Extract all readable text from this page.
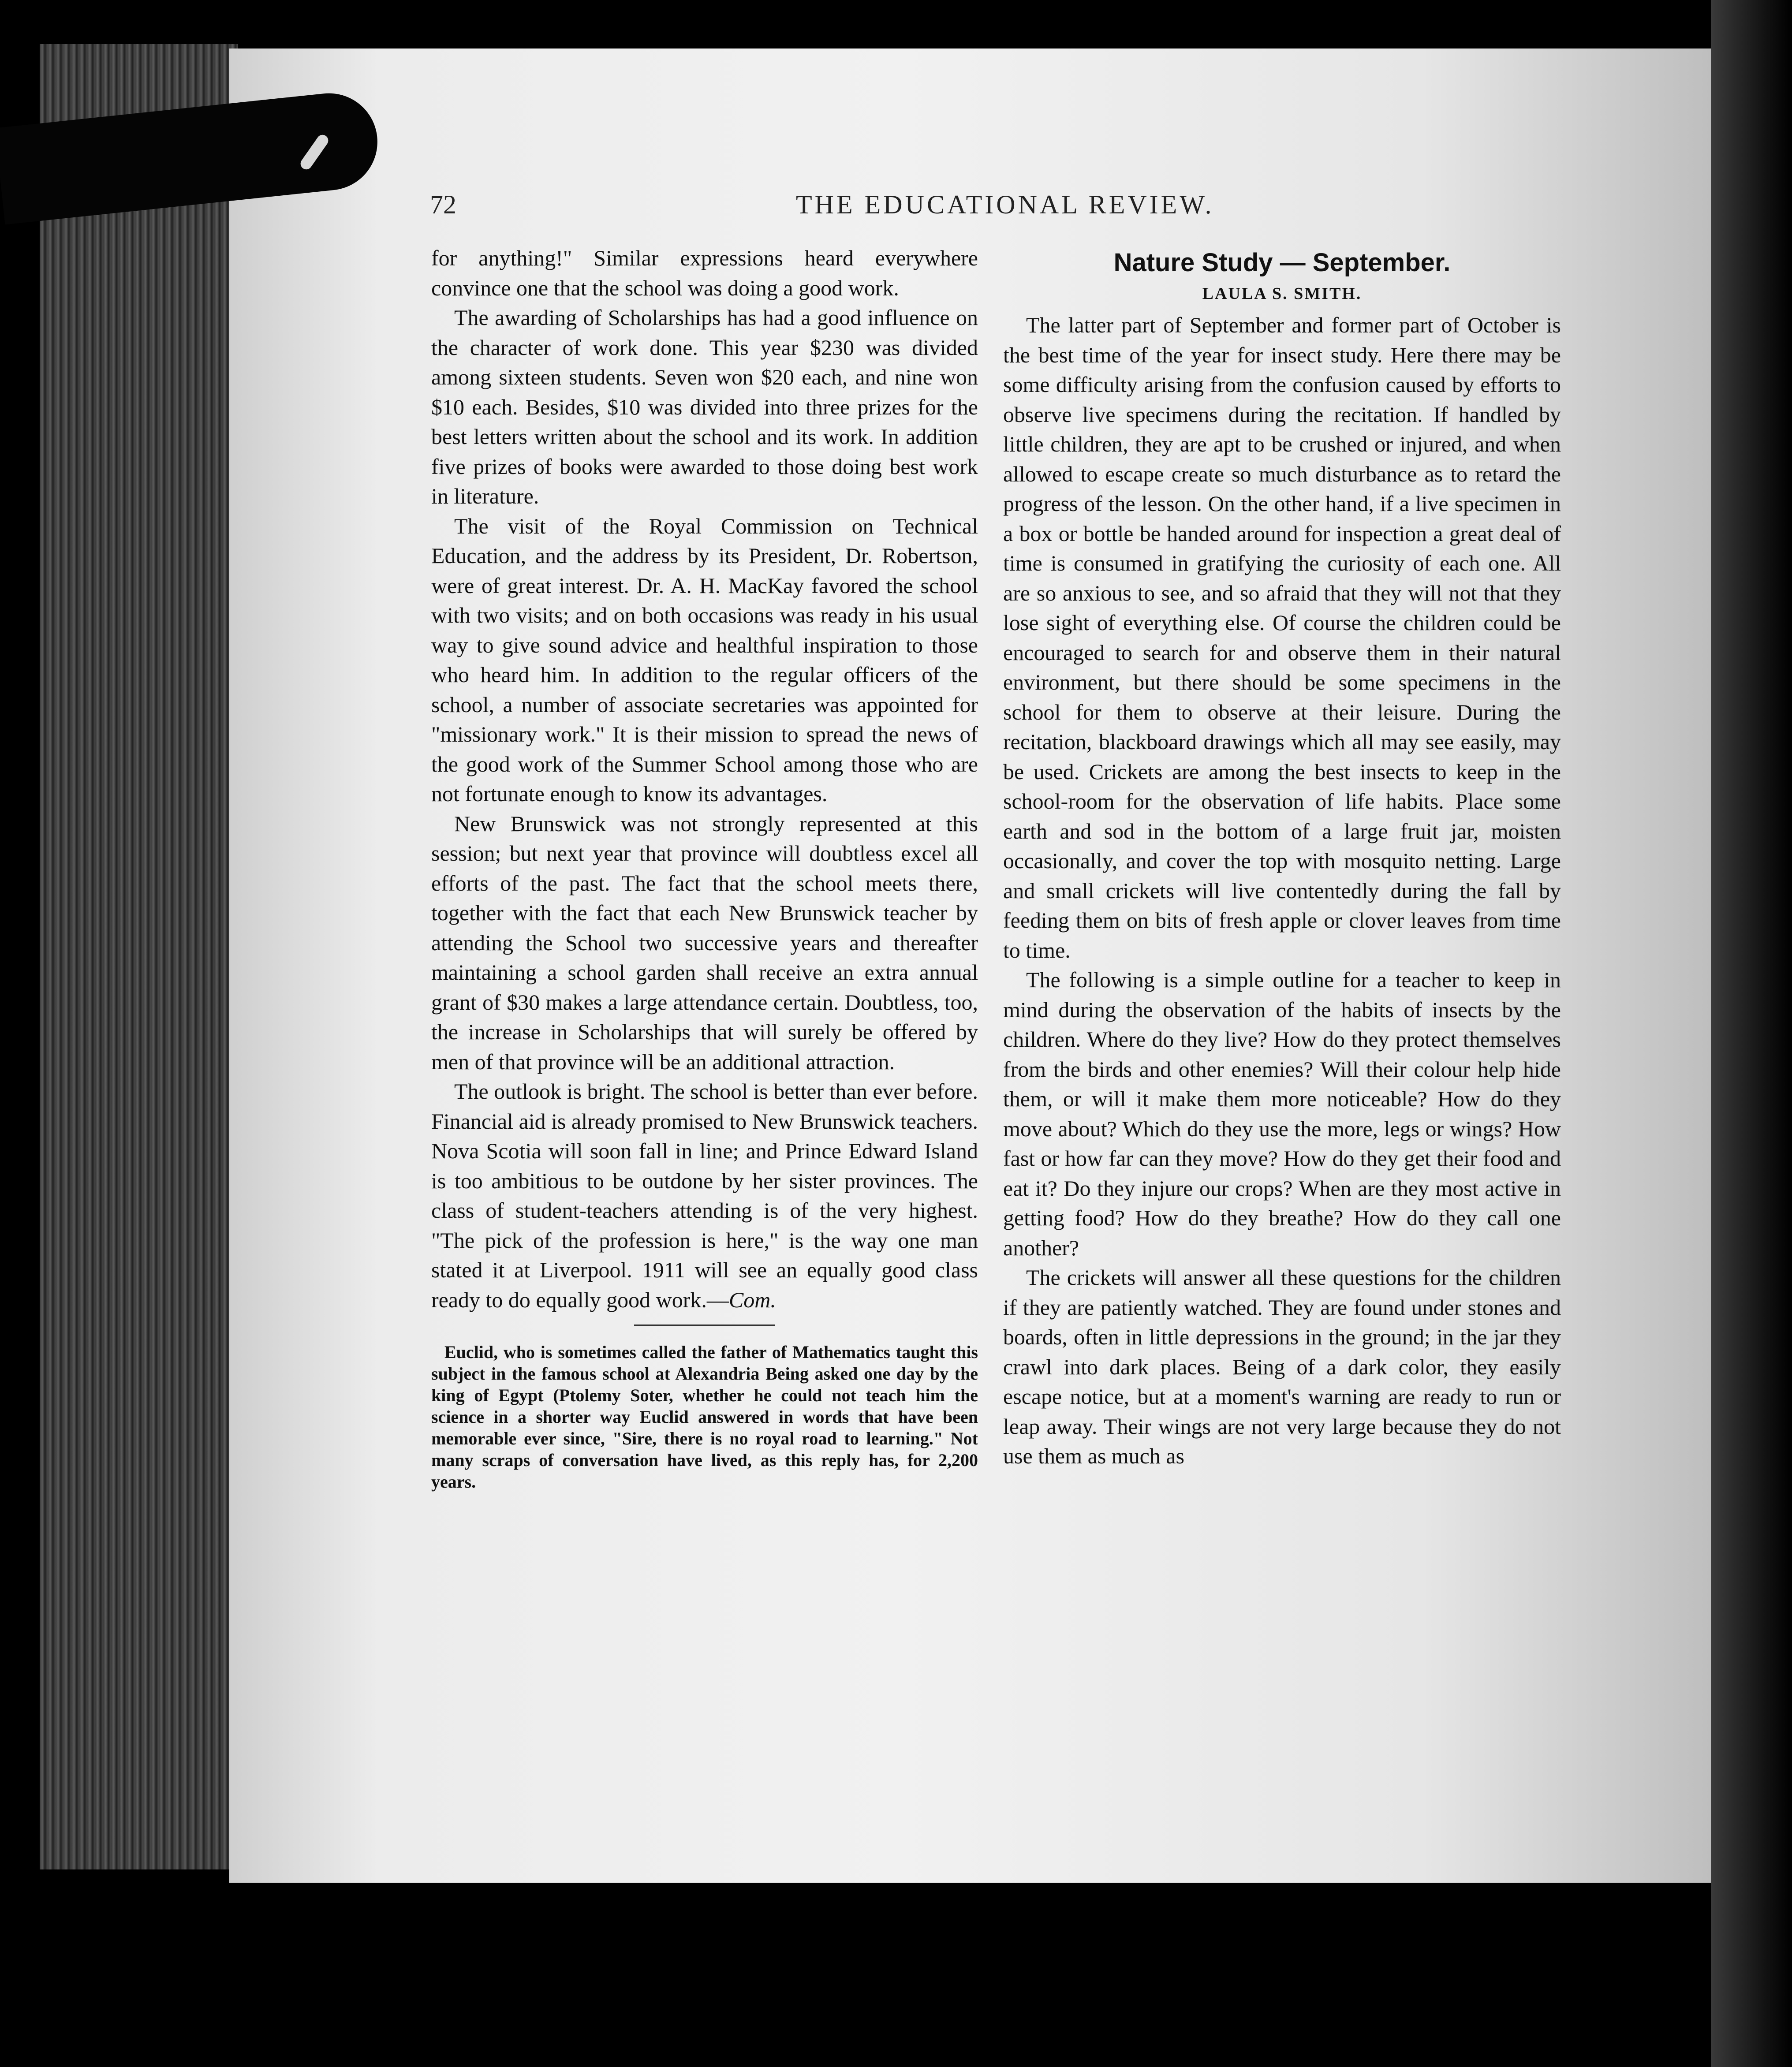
72	THE EDUCATIONAL REVIEW.

for anything!" Similar expressions heard everywhere convince one that the school was doing a good work.

The awarding of Scholarships has had a good influence on the character of work done. This year $230 was divided among sixteen students. Seven won $20 each, and nine won $10 each. Besides, $10 was divided into three prizes for the best letters written about the school and its work. In addition five prizes of books were awarded to those doing best work in literature.

The visit of the Royal Commission on Technical Education, and the address by its President, Dr. Robertson, were of great interest. Dr. A. H. MacKay favored the school with two visits; and on both occasions was ready in his usual way to give sound advice and healthful inspiration to those who heard him. In addition to the regular officers of the school, a number of associate secretaries was appointed for "missionary work." It is their mission to spread the news of the good work of the Summer School among those who are not fortunate enough to know its advantages.

New Brunswick was not strongly represented at this session; but next year that province will doubtless excel all efforts of the past. The fact that the school meets there, together with the fact that each New Brunswick teacher by attending the School two successive years and thereafter maintaining a school garden shall receive an extra annual grant of $30 makes a large attendance certain. Doubtless, too, the increase in Scholarships that will surely be offered by men of that province will be an additional attraction.

The outlook is bright. The school is better than ever before. Financial aid is already promised to New Brunswick teachers. Nova Scotia will soon fall in line; and Prince Edward Island is too ambitious to be outdone by her sister provinces. The class of student-teachers attending is of the very highest. "The pick of the profession is here," is the way one man stated it at Liverpool. 1911 will see an equally good class ready to do equally good work.—Com.

Euclid, who is sometimes called the father of Mathematics taught this subject in the famous school at Alexandria Being asked one day by the king of Egypt (Ptolemy Soter, whether he could not teach him the science in a shorter way Euclid answered in words that have been memorable ever since, "Sire, there is no royal road to learning." Not many scraps of conversation have lived, as this reply has, for 2,200 years.

Nature Study — September.
LAULA S. SMITH.

The latter part of September and former part of October is the best time of the year for insect study. Here there may be some difficulty arising from the confusion caused by efforts to observe live specimens during the recitation. If handled by little children, they are apt to be crushed or injured, and when allowed to escape create so much disturbance as to retard the progress of the lesson. On the other hand, if a live specimen in a box or bottle be handed around for inspection a great deal of time is consumed in gratifying the curiosity of each one. All are so anxious to see, and so afraid that they will not that they lose sight of everything else. Of course the children could be encouraged to search for and observe them in their natural environment, but there should be some specimens in the school for them to observe at their leisure. During the recitation, blackboard drawings which all may see easily, may be used. Crickets are among the best insects to keep in the school-room for the observation of life habits. Place some earth and sod in the bottom of a large fruit jar, moisten occasionally, and cover the top with mosquito netting. Large and small crickets will live contentedly during the fall by feeding them on bits of fresh apple or clover leaves from time to time.

The following is a simple outline for a teacher to keep in mind during the observation of the habits of insects by the children. Where do they live? How do they protect themselves from the birds and other enemies? Will their colour help hide them, or will it make them more noticeable? How do they move about? Which do they use the more, legs or wings? How fast or how far can they move? How do they get their food and eat it? Do they injure our crops? When are they most active in getting food? How do they breathe? How do they call one another?

The crickets will answer all these questions for the children if they are patiently watched. They are found under stones and boards, often in little depressions in the ground; in the jar they crawl into dark places. Being of a dark color, they easily escape notice, but at a moment's warning are ready to run or leap away. Their wings are not very large because they do not use them as much as
